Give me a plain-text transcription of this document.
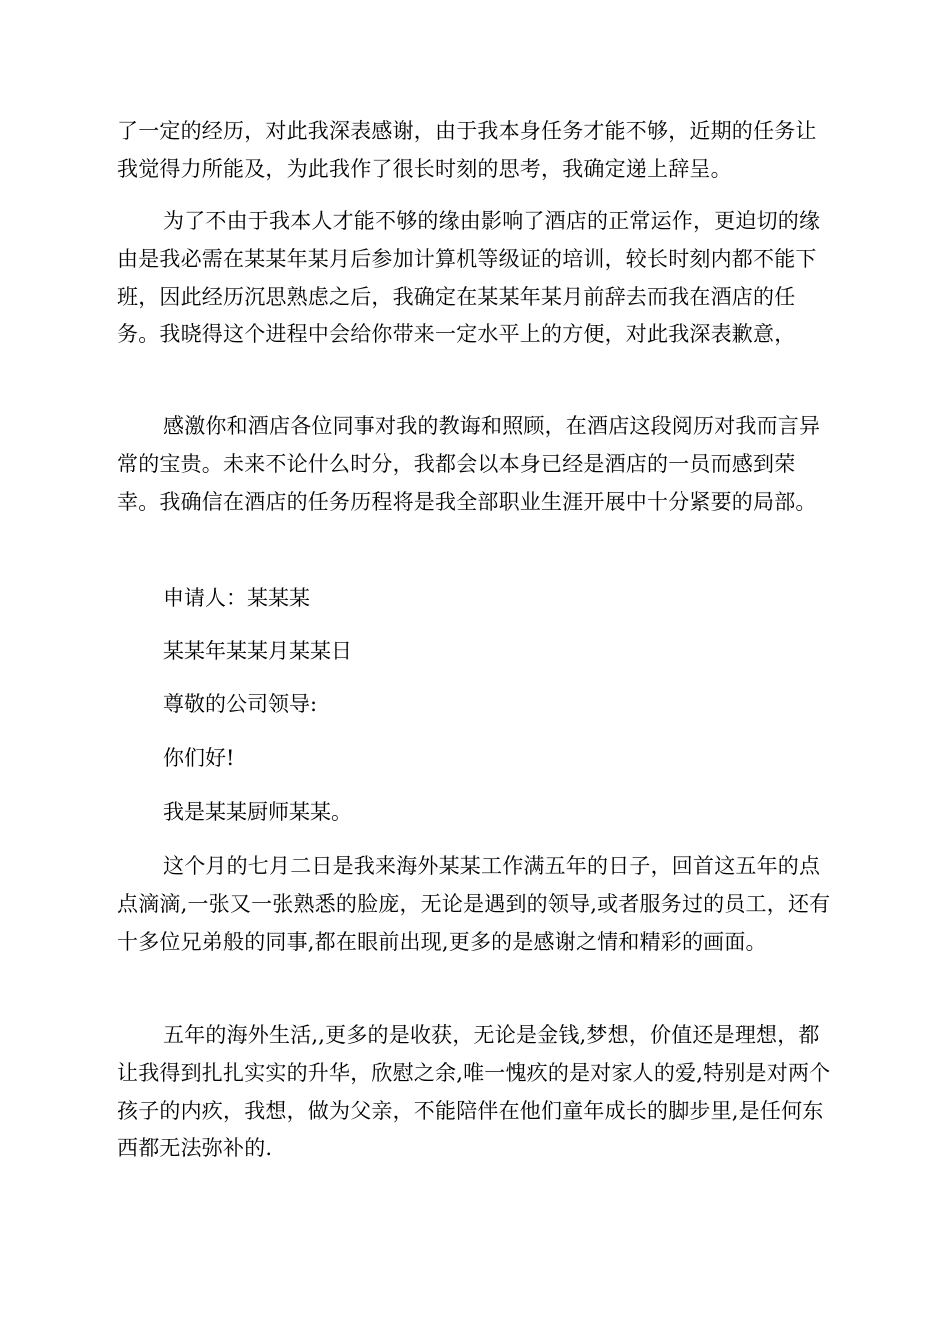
了一定的经历，对此我深表感谢，由于我本身任务才能不够，近期的任务让我觉得力所能及，为此我作了很长时刻的思考，我确定递上辞呈。

为了不由于我本人才能不够的缘由影响了酒店的正常运作，更迫切的缘由是我必需在某某年某月后参加计算机等级证的培训，较长时刻内都不能下班，因此经历沉思熟虑之后，我确定在某某年某月前辞去而我在酒店的任务。我晓得这个进程中会给你带来一定水平上的方便，对此我深表歉意，

感激你和酒店各位同事对我的教诲和照顾，在酒店这段阅历对我而言异常的宝贵。未来不论什么时分，我都会以本身已经是酒店的一员而感到荣幸。我确信在酒店的任务历程将是我全部职业生涯开展中十分紧要的局部。

申请人：某某某

某某年某某月某某日

尊敬的公司领导:

你们好!

我是某某厨师某某。

这个月的七月二日是我来海外某某工作满五年的日子，回首这五年的点点滴滴,一张又一张熟悉的脸庞，无论是遇到的领导,或者服务过的员工，还有十多位兄弟般的同事,都在眼前出现,更多的是感谢之情和精彩的画面。

五年的海外生活,,更多的是收获，无论是金钱,梦想，价值还是理想，都让我得到扎扎实实的升华，欣慰之余,唯一愧疚的是对家人的爱,特别是对两个孩子的内疚，我想，做为父亲，不能陪伴在他们童年成长的脚步里,是任何东西都无法弥补的.
